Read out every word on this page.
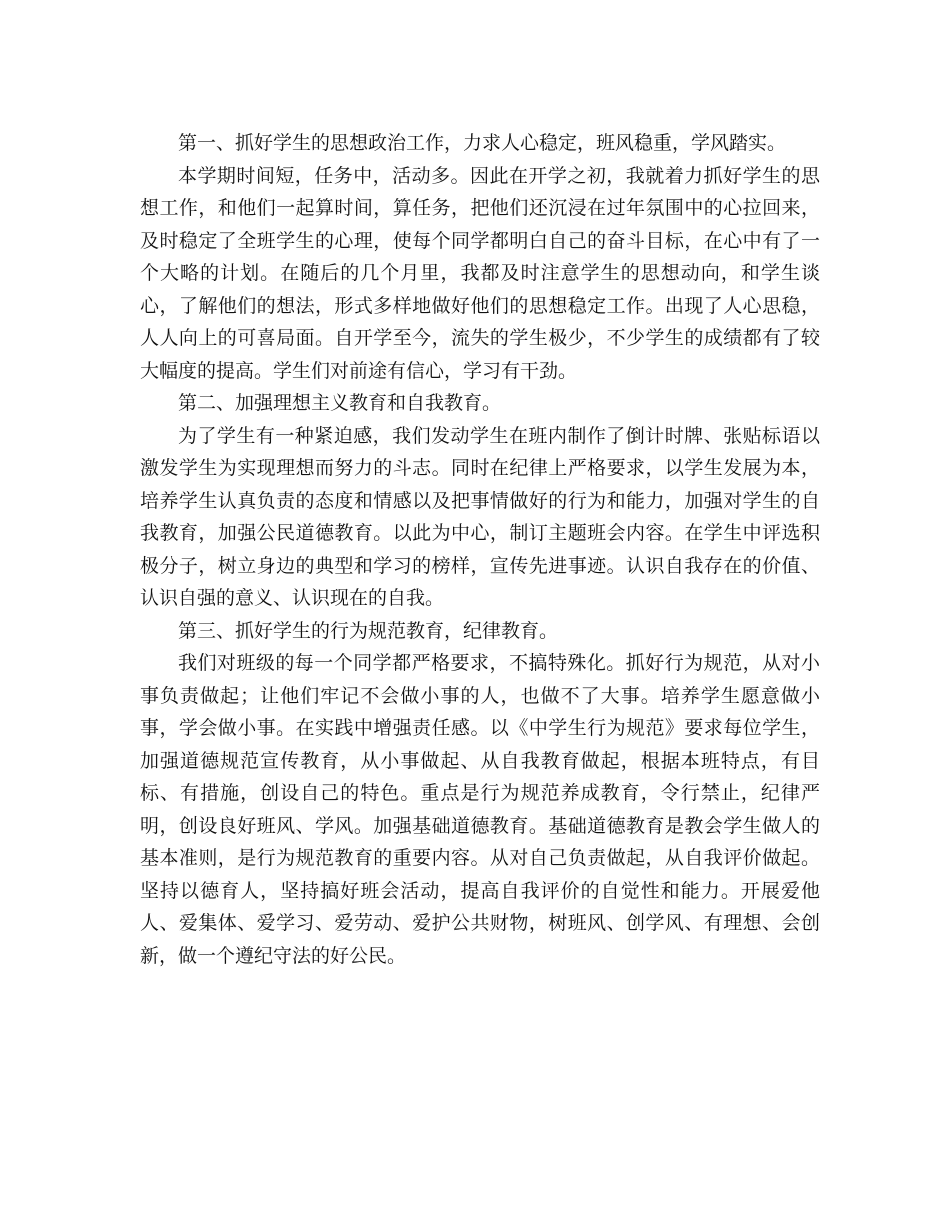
第一、抓好学生的思想政治工作，力求人心稳定，班风稳重，学风踏实。

本学期时间短，任务中，活动多。因此在开学之初，我就着力抓好学生的思想工作，和他们一起算时间，算任务，把他们还沉浸在过年氛围中的心拉回来，及时稳定了全班学生的心理，使每个同学都明白自己的奋斗目标，在心中有了一个大略的计划。在随后的几个月里，我都及时注意学生的思想动向，和学生谈心，了解他们的想法，形式多样地做好他们的思想稳定工作。出现了人心思稳，人人向上的可喜局面。自开学至今，流失的学生极少，不少学生的成绩都有了较大幅度的提高。学生们对前途有信心，学习有干劲。

第二、加强理想主义教育和自我教育。

为了学生有一种紧迫感，我们发动学生在班内制作了倒计时牌、张贴标语以激发学生为实现理想而努力的斗志。同时在纪律上严格要求，以学生发展为本，培养学生认真负责的态度和情感以及把事情做好的行为和能力，加强对学生的自我教育，加强公民道德教育。以此为中心，制订主题班会内容。在学生中评选积极分子，树立身边的典型和学习的榜样，宣传先进事迹。认识自我存在的价值、认识自强的意义、认识现在的自我。

第三、抓好学生的行为规范教育，纪律教育。

我们对班级的每一个同学都严格要求，不搞特殊化。抓好行为规范，从对小事负责做起；让他们牢记不会做小事的人，也做不了大事。培养学生愿意做小事，学会做小事。在实践中增强责任感。以《中学生行为规范》要求每位学生，加强道德规范宣传教育，从小事做起、从自我教育做起，根据本班特点，有目标、有措施，创设自己的特色。重点是行为规范养成教育，令行禁止，纪律严明，创设良好班风、学风。加强基础道德教育。基础道德教育是教会学生做人的基本准则，是行为规范教育的重要内容。从对自己负责做起，从自我评价做起。坚持以德育人，坚持搞好班会活动，提高自我评价的自觉性和能力。开展爱他人、爱集体、爱学习、爱劳动、爱护公共财物，树班风、创学风、有理想、会创新，做一个遵纪守法的好公民。
